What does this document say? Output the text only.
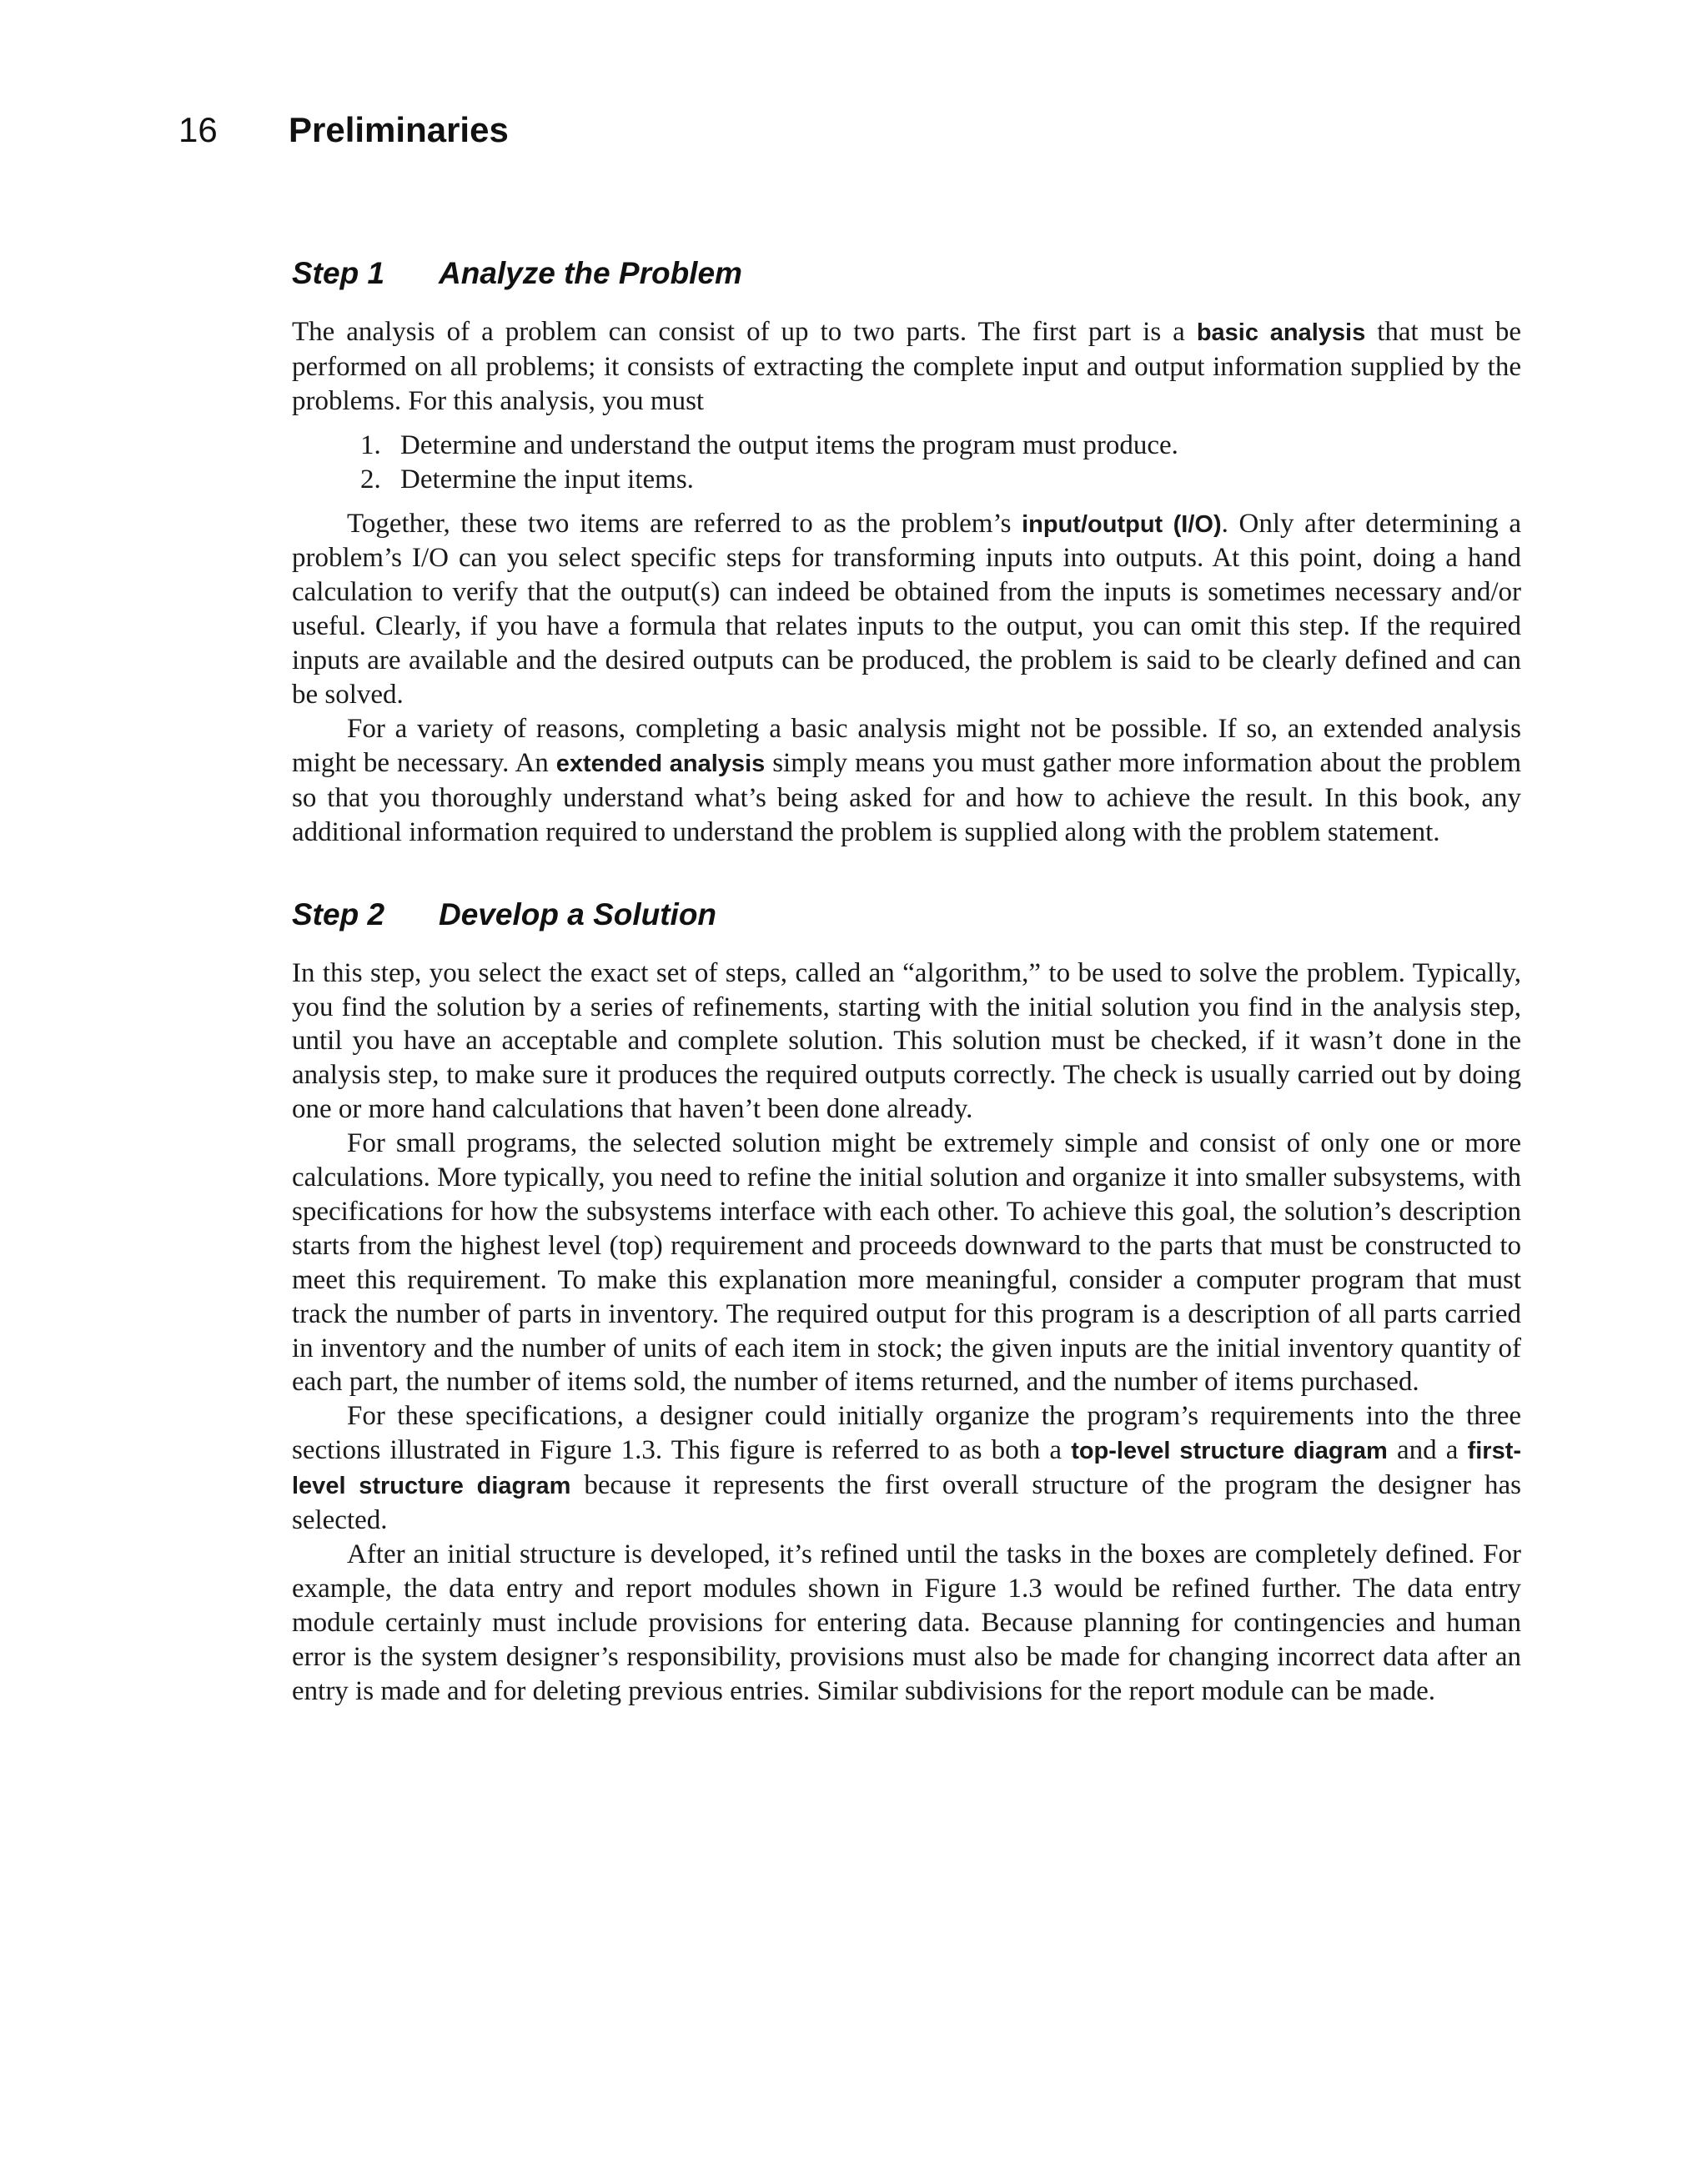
16 Preliminaries
Step 1 Analyze the Problem

The analysis of a problem can consist of up to two parts. The first part is a basic analysis that must be performed on all problems; it consists of extracting the complete input and output information supplied by the problems. For this analysis, you must

1. Determine and understand the output items the program must produce.
2. Determine the input items.

Together, these two items are referred to as the problem’s input/output (I/O). Only after determining a problem’s I/O can you select specific steps for transforming inputs into outputs. At this point, doing a hand calculation to verify that the output(s) can indeed be obtained from the inputs is sometimes necessary and/or useful. Clearly, if you have a formula that relates inputs to the output, you can omit this step. If the required inputs are available and the desired outputs can be produced, the problem is said to be clearly defined and can be solved.

For a variety of reasons, completing a basic analysis might not be possible. If so, an extended analysis might be necessary. An extended analysis simply means you must gather more information about the problem so that you thoroughly understand what’s being asked for and how to achieve the result. In this book, any additional information required to understand the problem is supplied along with the problem statement.

Step 2 Develop a Solution

In this step, you select the exact set of steps, called an “algorithm,” to be used to solve the problem. Typically, you find the solution by a series of refinements, starting with the initial solution you find in the analysis step, until you have an acceptable and complete solution. This solution must be checked, if it wasn’t done in the analysis step, to make sure it produces the required outputs correctly. The check is usually carried out by doing one or more hand calculations that haven’t been done already.

For small programs, the selected solution might be extremely simple and consist of only one or more calculations. More typically, you need to refine the initial solution and organize it into smaller subsystems, with specifications for how the subsystems interface with each other. To achieve this goal, the solution’s description starts from the highest level (top) requirement and proceeds downward to the parts that must be constructed to meet this requirement. To make this explanation more meaningful, consider a computer program that must track the number of parts in inventory. The required output for this program is a description of all parts carried in inventory and the number of units of each item in stock; the given inputs are the initial inventory quantity of each part, the number of items sold, the number of items returned, and the number of items purchased.

For these specifications, a designer could initially organize the program’s requirements into the three sections illustrated in Figure 1.3. This figure is referred to as both a top-level structure diagram and a first-level structure diagram because it represents the first overall structure of the program the designer has selected.

After an initial structure is developed, it’s refined until the tasks in the boxes are completely defined. For example, the data entry and report modules shown in Figure 1.3 would be refined further. The data entry module certainly must include provisions for entering data. Because planning for contingencies and human error is the system designer’s responsibility, provisions must also be made for changing incorrect data after an entry is made and for deleting previous entries. Similar subdivisions for the report module can be made.
